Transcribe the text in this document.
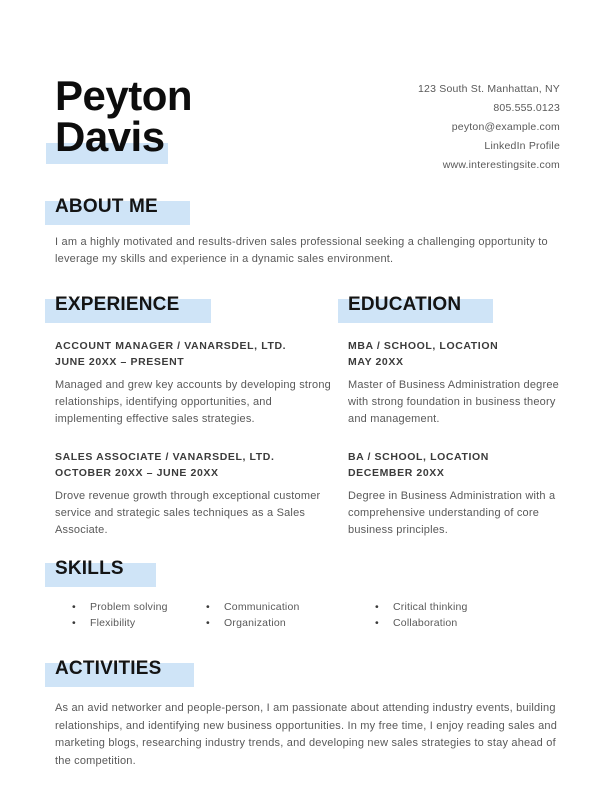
Peyton
Davis
123 South St. Manhattan, NY
805.555.0123
peyton@example.com
LinkedIn Profile
www.interestingsite.com
ABOUT ME
I am a highly motivated and results-driven sales professional seeking a challenging opportunity to leverage my skills and experience in a dynamic sales environment.
EXPERIENCE
ACCOUNT MANAGER / VANARSDEL, LTD.
JUNE 20XX – PRESENT
Managed and grew key accounts by developing strong relationships, identifying opportunities, and implementing effective sales strategies.
SALES ASSOCIATE / VANARSDEL, LTD.
OCTOBER 20XX – JUNE 20XX
Drove revenue growth through exceptional customer service and strategic sales techniques as a Sales Associate.
EDUCATION
MBA / SCHOOL, LOCATION
MAY 20XX
Master of Business Administration degree with strong foundation in business theory and management.
BA / SCHOOL, LOCATION
DECEMBER 20XX
Degree in Business Administration with a comprehensive understanding of core business principles.
SKILLS
•	Problem solving
•	Flexibility
•	Communication
•	Organization
•	Critical thinking
•	Collaboration
ACTIVITIES
As an avid networker and people-person, I am passionate about attending industry events, building relationships, and identifying new business opportunities. In my free time, I enjoy reading sales and marketing blogs, researching industry trends, and developing new sales strategies to stay ahead of the competition.
